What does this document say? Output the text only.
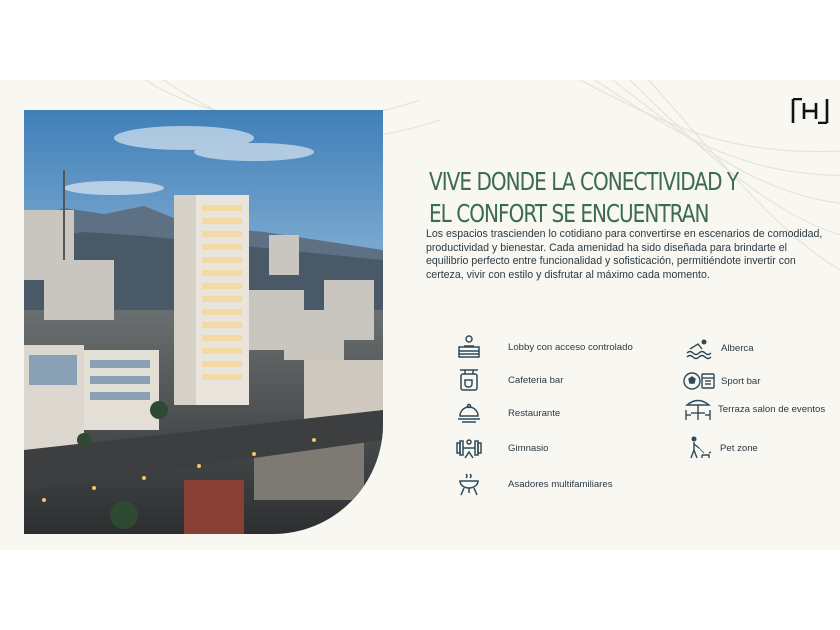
VIVE DONDE LA CONECTIVIDAD Y
EL CONFORT SE ENCUENTRAN

Los espacios trascienden lo cotidiano para convertirse en escenarios de comodidad, productividad y bienestar. Cada amenidad ha sido diseñada para brindarte el equilibrio perfecto entre funcionalidad y sofisticación, permitiéndote invertir con certeza, vivir con estilo y disfrutar al máximo cada momento.

Lobby con acceso controlado
Cafeteria bar
Restaurante
Gimnasio
Asadores multifamiliares
Alberca
Sport bar
Terraza salon de eventos
Pet zone
